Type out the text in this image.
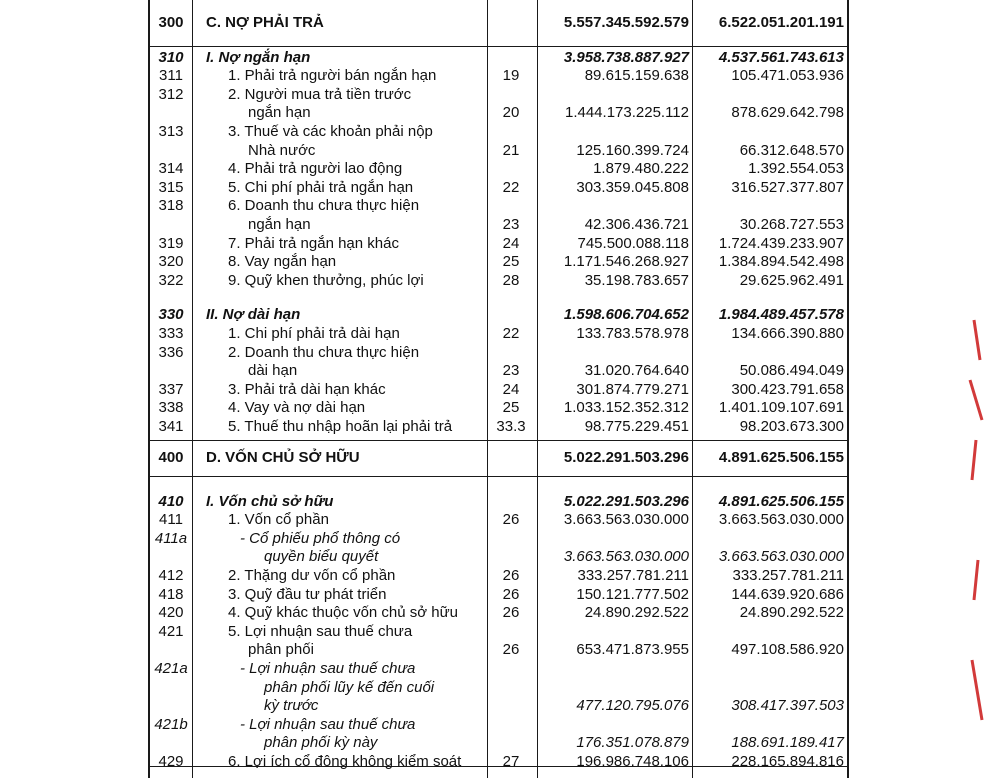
300	C. NỢ PHẢI TRẢ	5.557.345.592.579 6.522.051.201.191
310	I. Nợ ngắn hạn	3.958.738.887.927 4.537.561.743.613
311	1. Phải trả người bán ngắn hạn	19	89.615.159.638	105.471.053.936
312	2. Người mua trả tiền trước
ngắn hạn	20	1.444.173.225.112	878.629.642.798
313	3. Thuế và các khoản phải nộp
Nhà nước	21	125.160.399.724	66.312.648.570
314	4. Phải trả người lao động	1.879.480.222	1.392.554.053
315	5. Chi phí phải trả ngắn hạn	22	303.359.045.808	316.527.377.807
318	6. Doanh thu chưa thực hiện
ngắn hạn	23	42.306.436.721	30.268.727.553
319	7. Phải trả ngắn hạn khác	24	745.500.088.118 1.724.439.233.907
320	8. Vay ngắn hạn	25	1.171.546.268.927 1.384.894.542.498
322	9. Quỹ khen thưởng, phúc lợi	28	35.198.783.657	29.625.962.491
330	II. Nợ dài hạn	1.598.606.704.652 1.984.489.457.578
333	1. Chi phí phải trả dài hạn	22	133.783.578.978	134.666.390.880
336	2. Doanh thu chưa thực hiện
dài hạn	23	31.020.764.640	50.086.494.049
337	3. Phải trả dài hạn khác	24	301.874.779.271	300.423.791.658
338	4. Vay và nợ dài hạn	25	1.033.152.352.312 1.401.109.107.691
341	5. Thuế thu nhập hoãn lại phải trả	33.3	98.775.229.451	98.203.673.300
400	D. VỐN CHỦ SỞ HỮU	5.022.291.503.296 4.891.625.506.155
410	I. Vốn chủ sở hữu	5.022.291.503.296 4.891.625.506.155
411	1. Vốn cổ phần	26	3.663.563.030.000 3.663.563.030.000
411a	- Cổ phiếu phổ thông có
quyền biểu quyết	3.663.563.030.000 3.663.563.030.000
412	2. Thặng dư vốn cổ phần	26	333.257.781.211	333.257.781.211
418	3. Quỹ đầu tư phát triển	26	150.121.777.502	144.639.920.686
420	4. Quỹ khác thuộc vốn chủ sở hữu	26	24.890.292.522	24.890.292.522
421	5. Lợi nhuận sau thuế chưa
phân phối	26	653.471.873.955	497.108.586.920
421a	- Lợi nhuận sau thuế chưa
phân phối lũy kế đến cuối
kỳ trước	477.120.795.076	308.417.397.503
421b	- Lợi nhuận sau thuế chưa
phân phối kỳ này	176.351.078.879	188.691.189.417
429	6. Lợi ích cổ đông không kiểm soát	27	196.986.748.106	228.165.894.816
